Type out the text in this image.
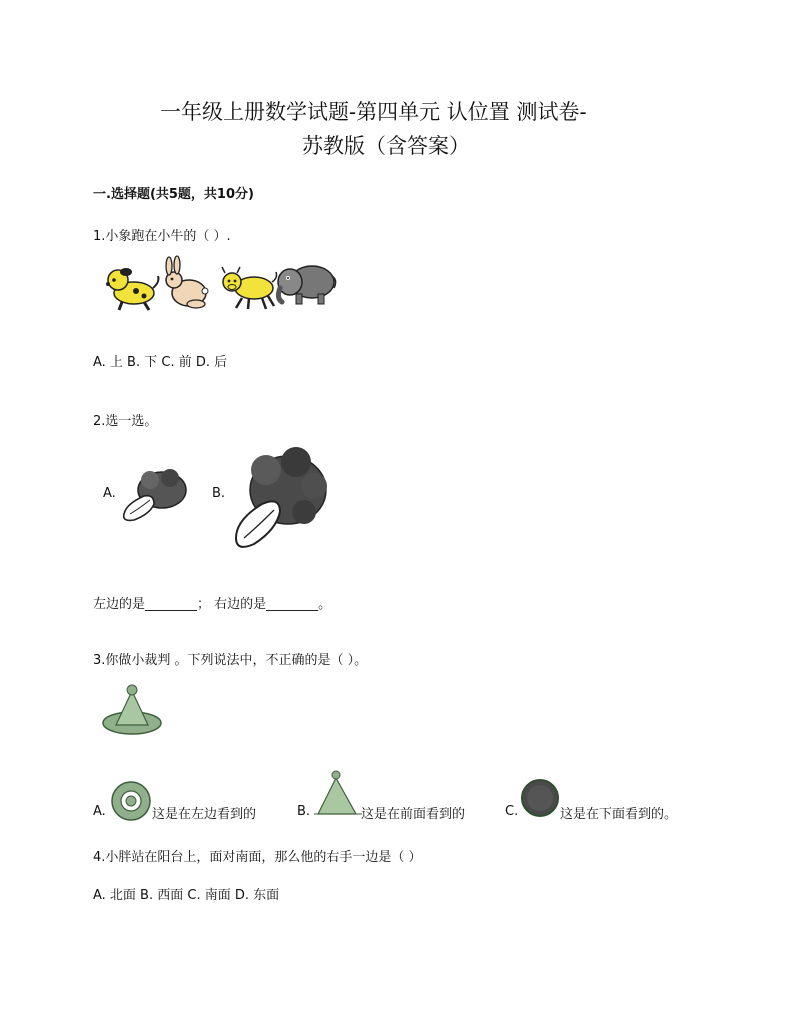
一年级上册数学试题-第四单元 认位置 测试卷-
苏教版（含答案）
一.选择题(共5题，共10分)
1.小象跑在小牛的（ ）.
A. 上 B. 下 C. 前 D. 后
2.选一选。
A.	B.
左边的是________； 右边的是________。
3.你做小裁判 。下列说法中，不正确的是（ ）。
A.	这是在左边看到的	B.	这是在前面看到的	C.	这是在下面看到的。
4.小胖站在阳台上，面对南面，那么他的右手一边是（ ）
A. 北面 B. 西面 C. 南面 D. 东面
